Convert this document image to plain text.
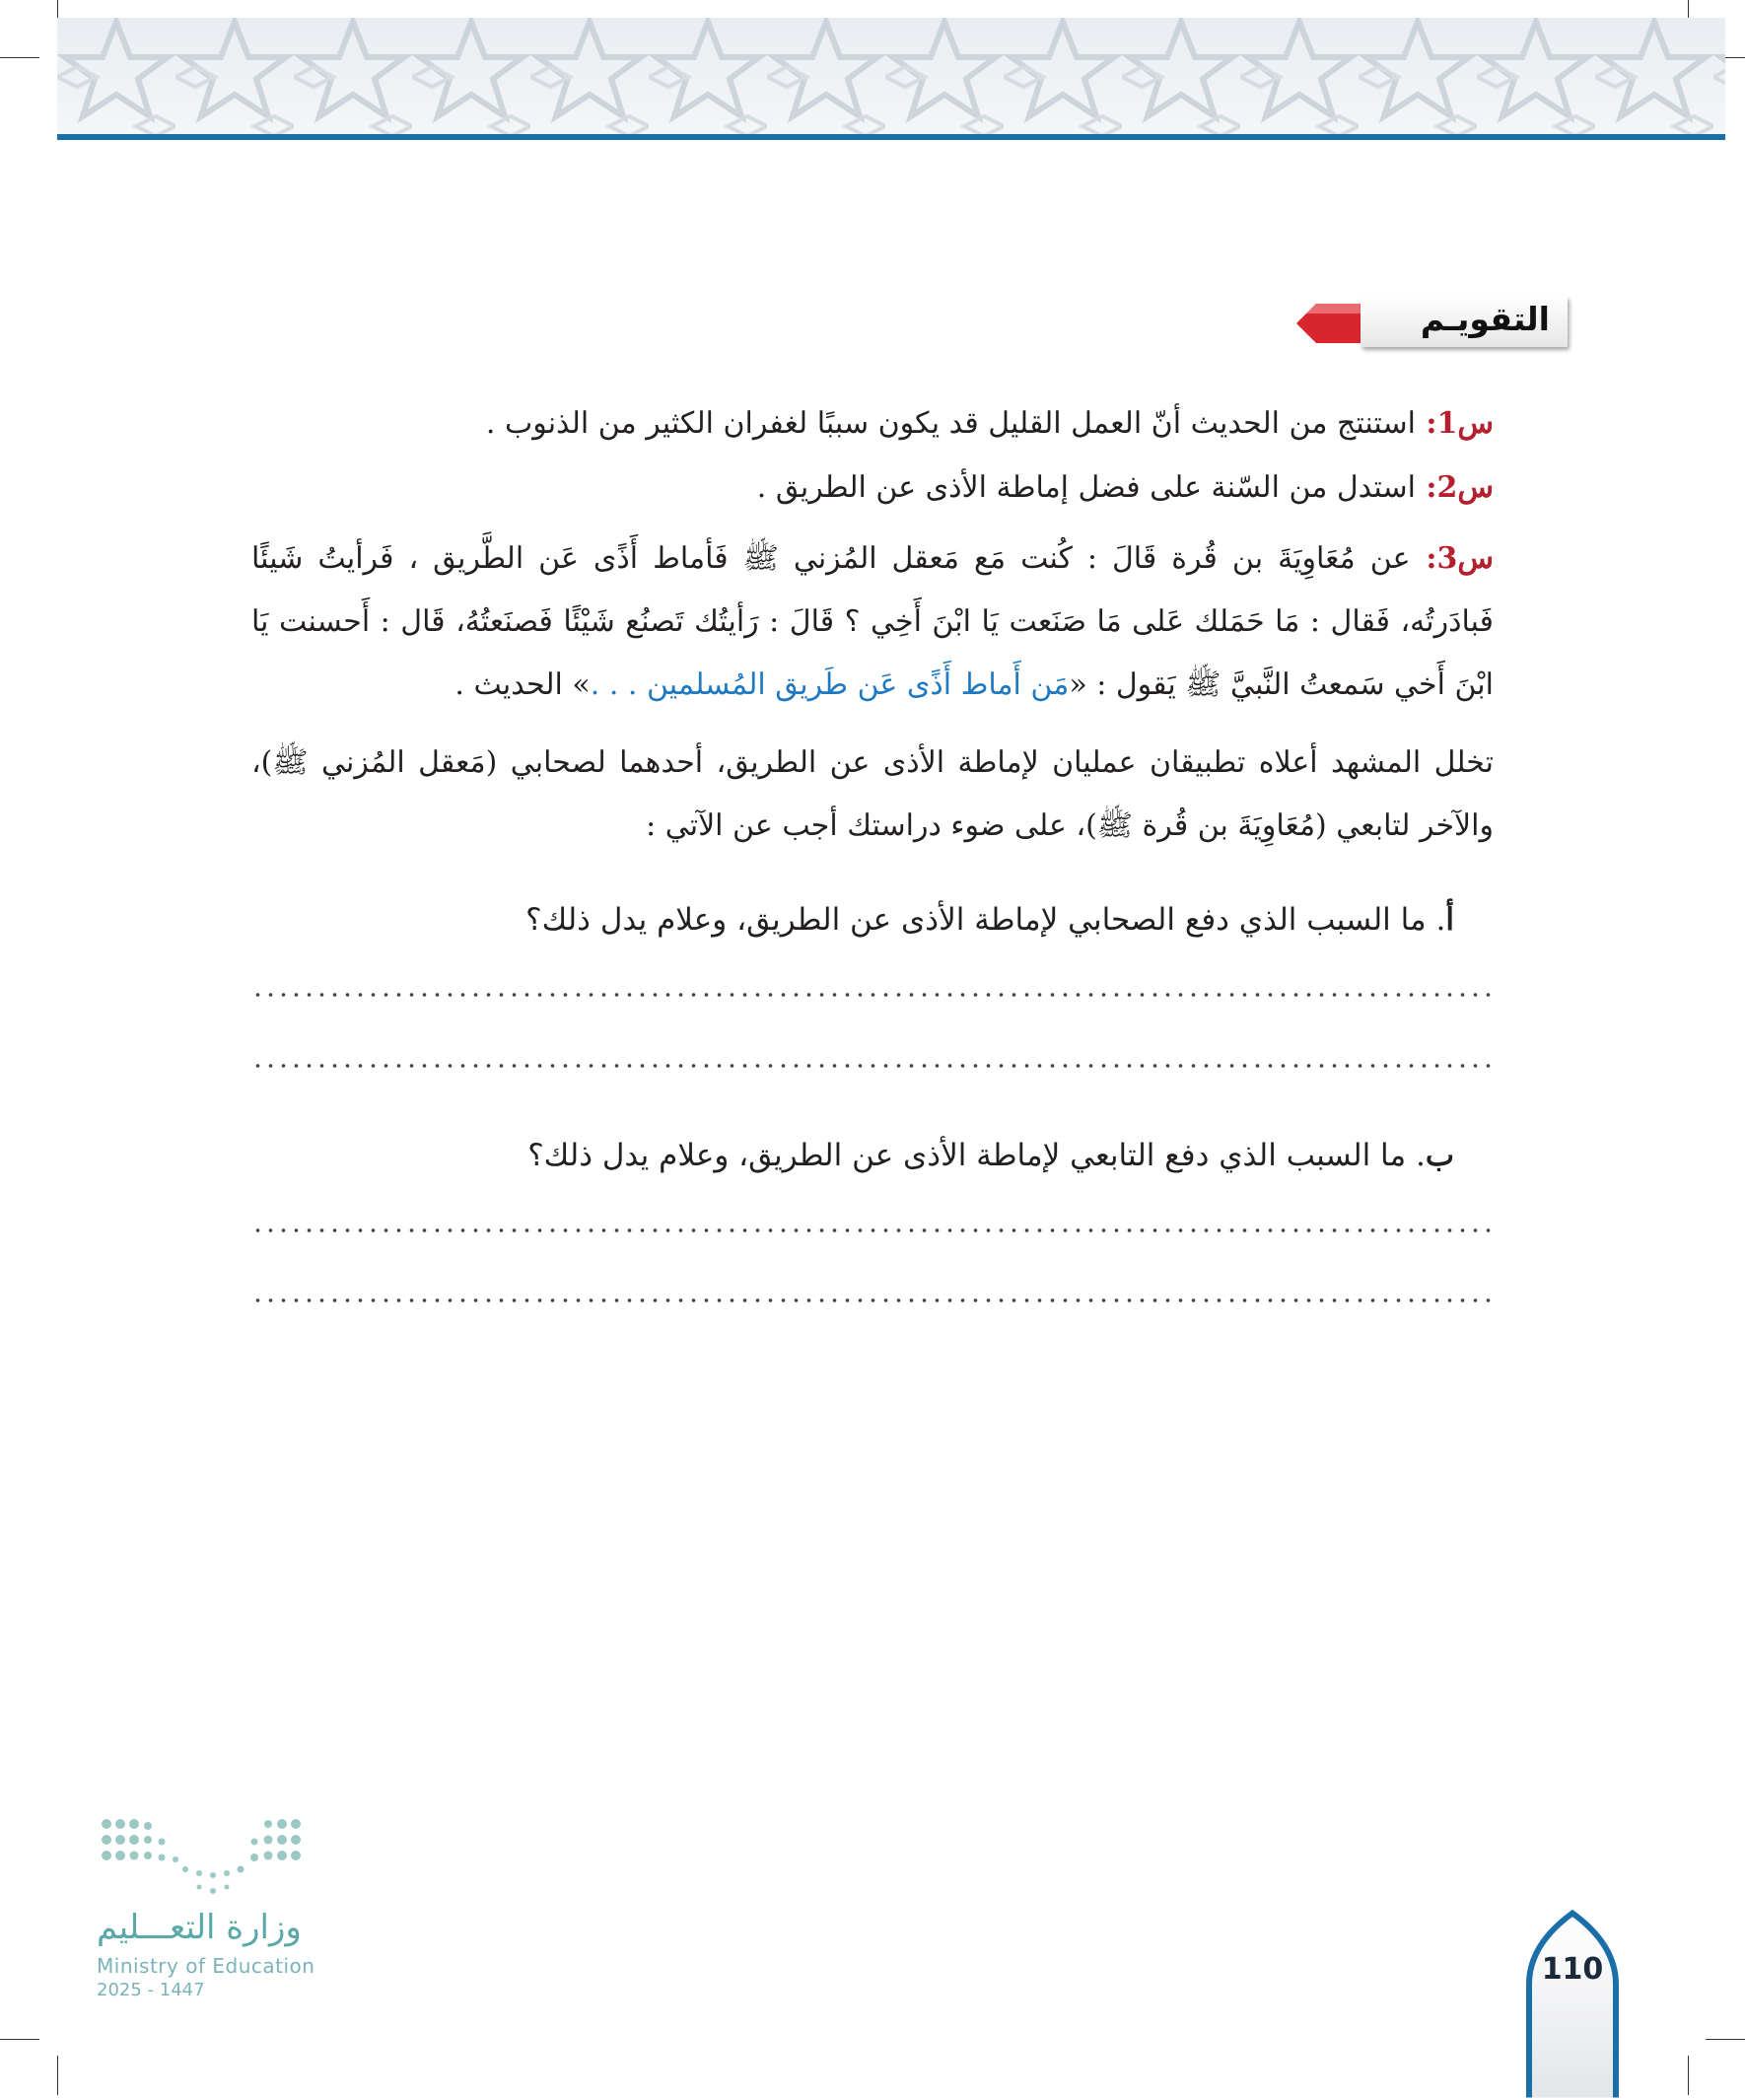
التقويـم
س1: استنتج من الحديث أنّ العمل القليل قد يكون سببًا لغفران الكثير من الذنوب .
س2: استدل من السّنة على فضل إماطة الأذى عن الطريق .
س3: عن مُعَاوِيَةَ بن قُرة قَالَ : كُنت مَع مَعقل المُزني ﷺ فَأماط أَذًى عَن الطَّريق ، فَرأيتُ شَيئًا فَبادَرتُه، فَقال : مَا حَمَلك عَلى مَا صَنَعت يَا ابْنَ أَخِي ؟ قَالَ : رَأيتُك تَصنُع شَيْئًا فَصنَعتُهُ، قَال : أَحسنت يَا ابْنَ أَخي سَمعتُ النَّبيَّ ﷺ يَقول : «مَن أَماط أَذًى عَن طَريق المُسلمين . . .» الحديث .
تخلل المشهد أعلاه تطبيقان عمليان لإماطة الأذى عن الطريق، أحدهما لصحابي (مَعقل المُزني ﷺ)، والآخر لتابعي (مُعَاوِيَةَ بن قُرة ﷺ)، على ضوء دراستك أجب عن الآتي :
أ. ما السبب الذي دفع الصحابي لإماطة الأذى عن الطريق، وعلام يدل ذلك؟
ب. ما السبب الذي دفع التابعي لإماطة الأذى عن الطريق، وعلام يدل ذلك؟
وزارة التعـــليم
Ministry of Education
2025 - 1447
110
